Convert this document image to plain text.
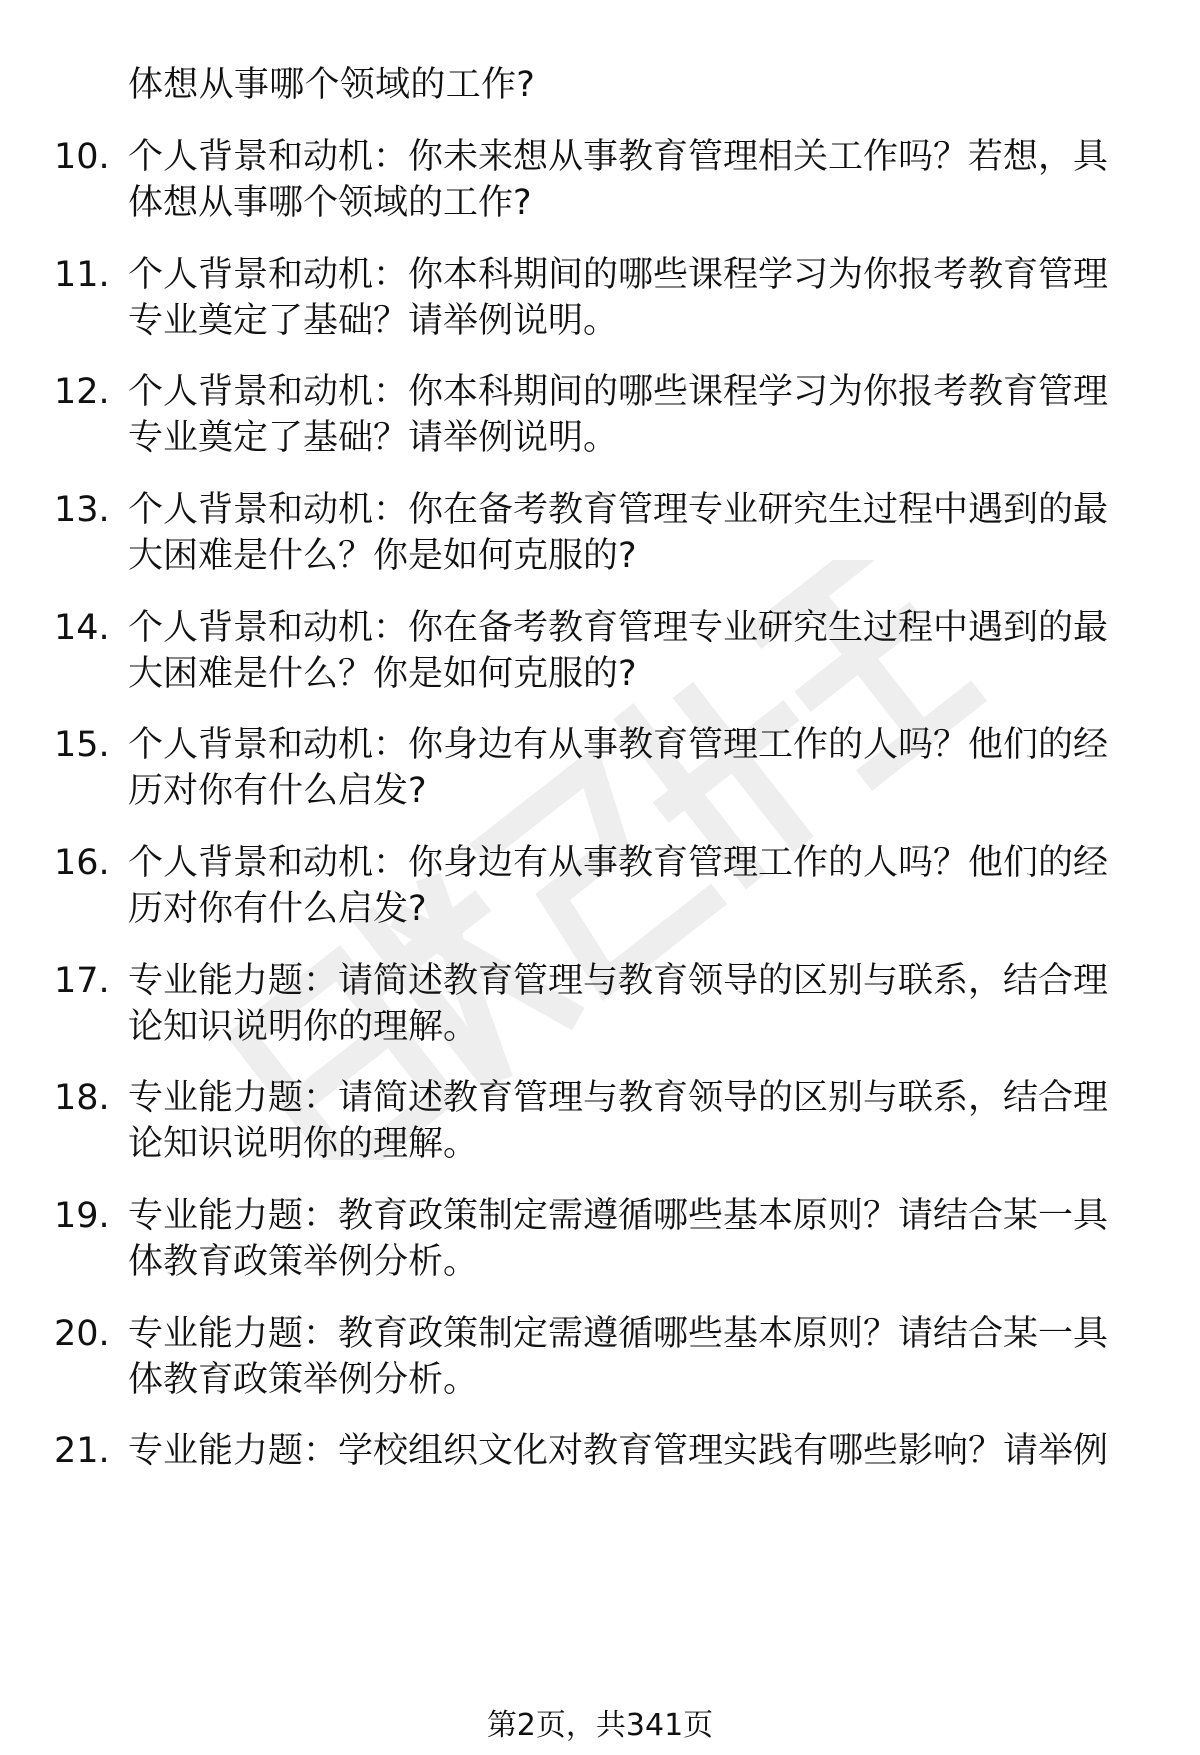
体想从事哪个领域的工作?
10. 个人背景和动机：你未来想从事教育管理相关工作吗？若想，具
体想从事哪个领域的工作?
11. 个人背景和动机：你本科期间的哪些课程学习为你报考教育管理
专业奠定了基础？请举例说明。
12. 个人背景和动机：你本科期间的哪些课程学习为你报考教育管理
专业奠定了基础？请举例说明。
13. 个人背景和动机：你在备考教育管理专业研究生过程中遇到的最
大困难是什么？你是如何克服的?
14. 个人背景和动机：你在备考教育管理专业研究生过程中遇到的最
大困难是什么？你是如何克服的?
15. 个人背景和动机：你身边有从事教育管理工作的人吗？他们的经
历对你有什么启发?
16. 个人背景和动机：你身边有从事教育管理工作的人吗？他们的经
历对你有什么启发?
17. 专业能力题：请简述教育管理与教育领导的区别与联系，结合理
论知识说明你的理解。
18. 专业能力题：请简述教育管理与教育领导的区别与联系，结合理
论知识说明你的理解。
19. 专业能力题：教育政策制定需遵循哪些基本原则？请结合某一具
体教育政策举例分析。
20. 专业能力题：教育政策制定需遵循哪些基本原则？请结合某一具
体教育政策举例分析。
21. 专业能力题：学校组织文化对教育管理实践有哪些影响？请举例
第2页，共341页
